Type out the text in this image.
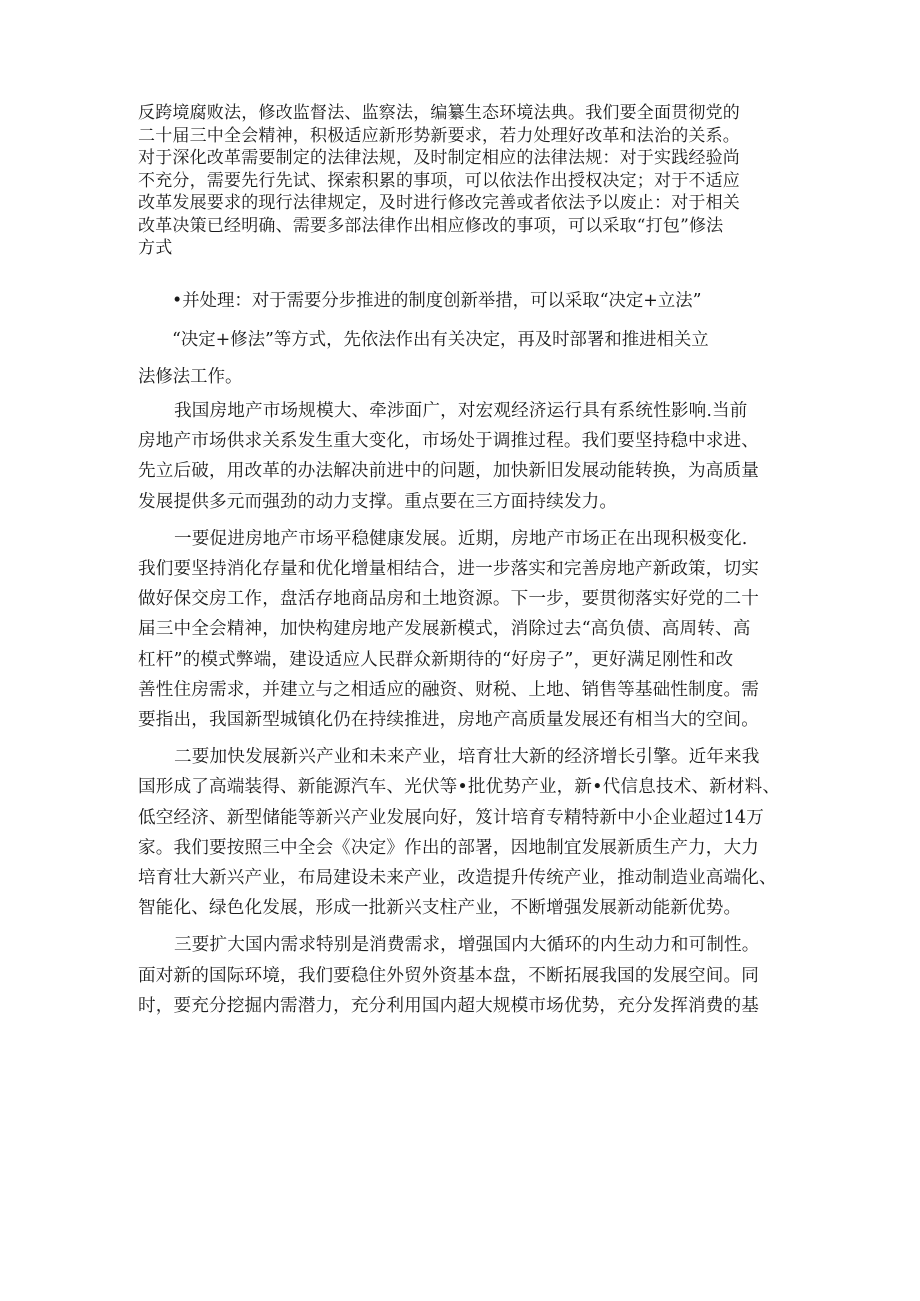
反跨境腐败法，修改监督法、监察法，编纂生态环境法典。我们要全面贯彻党的
二十届三中全会精神，积极适应新形势新要求，若力处理好改革和法治的关系。
对于深化改革需要制定的法律法规，及时制定相应的法律法规：对于实践经验尚
不充分，需要先行先试、探索积累的事项，可以依法作出授权决定；对于不适应
改革发展要求的现行法律规定，及时进行修改完善或者依法予以废止：对于相关
改革决策已经明确、需要多部法律作出相应修改的事项，可以采取“打包”修法
方式
•并处理：对于需要分步推进的制度创新举措，可以采取“决定+立法”
“决定+修法”等方式，先依法作出有关决定，再及时部署和推进相关立
法修法工作。
我国房地产市场规模大、牵涉面广，对宏观经济运行具有系统性影响.当前
房地产市场供求关系发生重大变化，市场处于调推过程。我们要坚持稳中求进、
先立后破，用改革的办法解决前进中的问题，加快新旧发展动能转换，为高质量
发展提供多元而强劲的动力支撑。重点要在三方面持续发力。
一要促进房地产市场平稳健康发展。近期，房地产市场正在出现积极变化.
我们要坚持消化存量和优化增量相结合，进一步落实和完善房地产新政策，切实
做好保交房工作，盘活存地商品房和土地资源。下一步，要贯彻落实好党的二十
届三中全会精神，加快构建房地产发展新模式，消除过去“高负债、高周转、高
杠杆”的模式弊端，建设适应人民群众新期待的“好房子”，更好满足刚性和改
善性住房需求，并建立与之相适应的融资、财税、上地、销售等基础性制度。需
要指出，我国新型城镇化仍在持续推进，房地产高质量发展还有相当大的空间。
二要加快发展新兴产业和未来产业，培育壮大新的经济增长引擎。近年来我
国形成了高端装得、新能源汽车、光伏等•批优势产业，新•代信息技术、新材料、
低空经济、新型储能等新兴产业发展向好，笈计培育专精特新中小企业超过14万
家。我们要按照三中全会《决定》作出的部署，因地制宜发展新质生产力，大力
培育壮大新兴产业，布局建设未来产业，改造提升传统产业，推动制造业高端化、
智能化、绿色化发展，形成一批新兴支柱产业，不断增强发展新动能新优势。
三要扩大国内需求特别是消费需求，增强国内大循环的内生动力和可制性。
面对新的国际环境，我们要稳住外贸外资基本盘，不断拓展我国的发展空间。同
时，要充分挖掘内需潜力，充分利用国内超大规模市场优势，充分发挥消费的基
